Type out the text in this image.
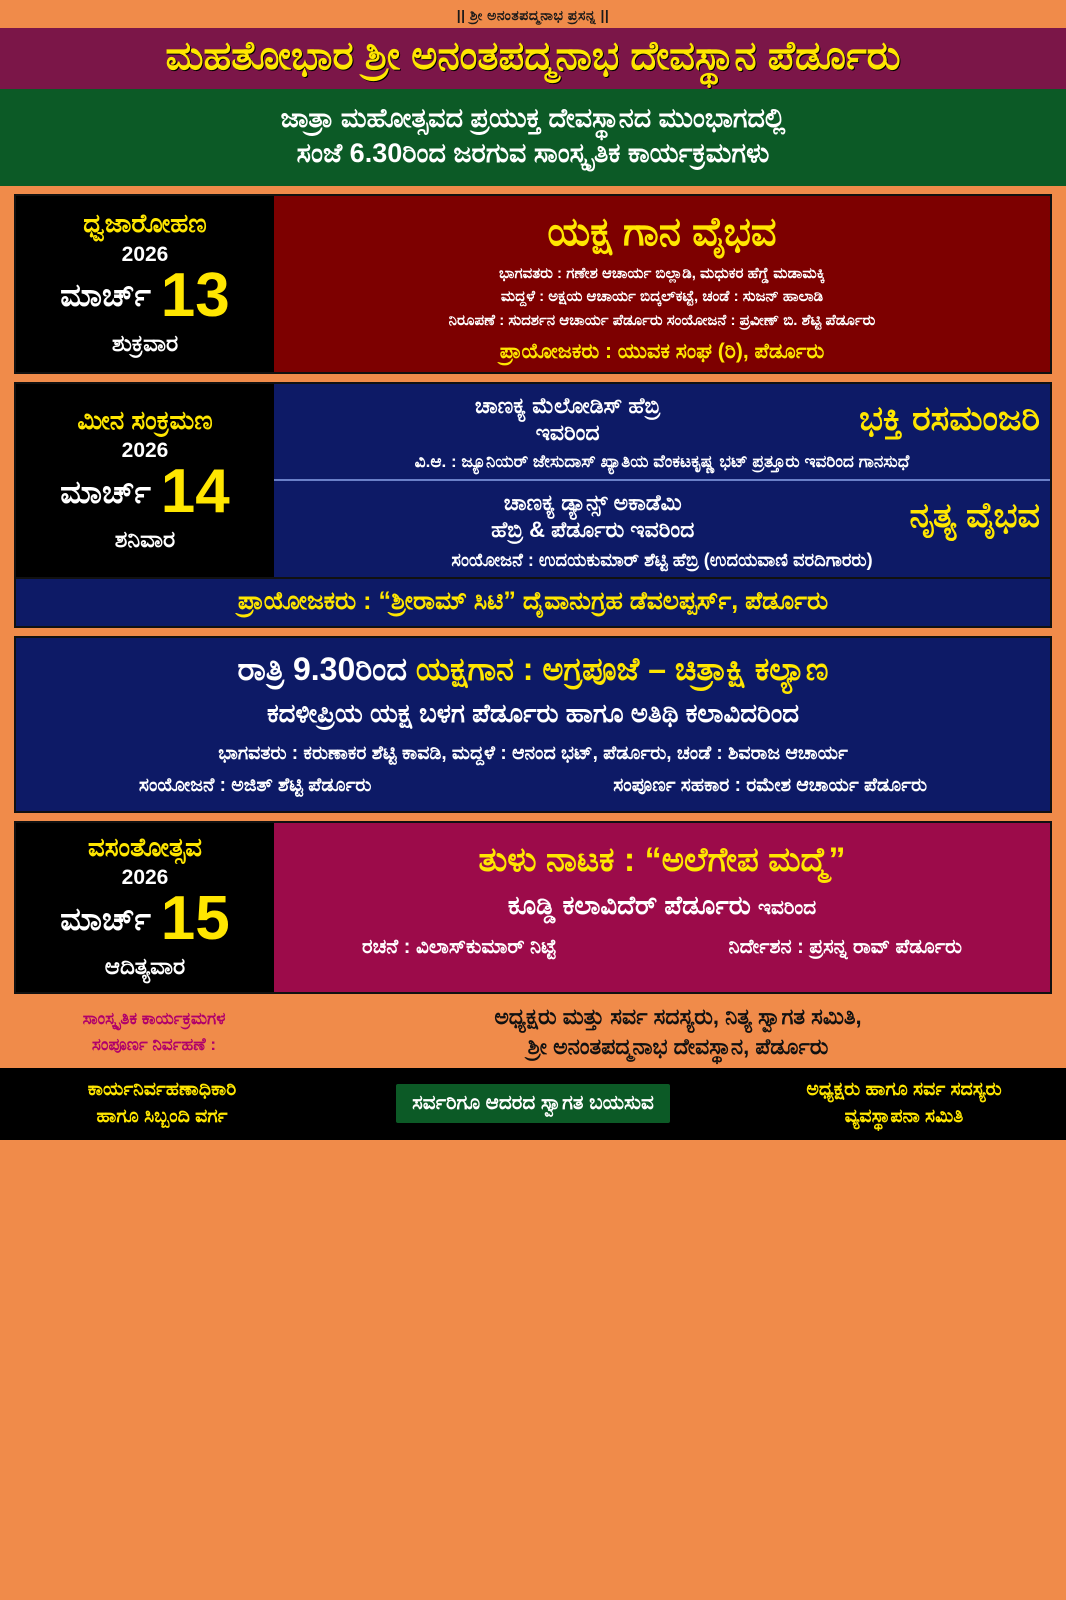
|| ಶ್ರೀ ಅನಂತಪದ್ಮನಾಭ ಪ್ರಸನ್ನ ||
ಮಹತೋಭಾರ ಶ್ರೀ ಅನಂತಪದ್ಮನಾಭ ದೇವಸ್ಥಾನ ಪೆರ್ಡೂರು
ಜಾತ್ರಾ ಮಹೋತ್ಸವದ ಪ್ರಯುಕ್ತ ದೇವಸ್ಥಾನದ ಮುಂಭಾಗದಲ್ಲಿ
ಸಂಜೆ 6.30ರಿಂದ ಜರಗುವ ಸಾಂಸ್ಕೃತಿಕ ಕಾರ್ಯಕ್ರಮಗಳು
ಧ್ವಜಾರೋಹಣ
2026
ಮಾರ್ಚ್ 13
ಶುಕ್ರವಾರ
ಯಕ್ಷ ಗಾನ ವೈಭವ
ಭಾಗವತರು : ಗಣೇಶ ಆಚಾರ್ಯ ಬಿಲ್ಲಾಡಿ, ಮಧುಕರ ಹೆಗ್ಡೆ ಮಡಾಮಕ್ಕಿ
ಮದ್ದಳೆ : ಅಕ್ಷಯ ಆಚಾರ್ಯ ಬಿದ್ಕಲ್‌ಕಟ್ಟೆ, ಚಂಡೆ : ಸುಜನ್ ಹಾಲಾಡಿ
ನಿರೂಪಣೆ : ಸುದರ್ಶನ ಆಚಾರ್ಯ ಪೆರ್ಡೂರು ಸಂಯೋಜನೆ : ಪ್ರವೀಣ್ ಬಿ. ಶೆಟ್ಟಿ ಪೆರ್ಡೂರು
ಪ್ರಾಯೋಜಕರು : ಯುವಕ ಸಂಘ (ರಿ), ಪೆರ್ಡೂರು
ಮೀನ ಸಂಕ್ರಮಣ
2026
ಮಾರ್ಚ್ 14
ಶನಿವಾರ
ಚಾಣಕ್ಯ ಮೆಲೋಡಿಸ್ ಹೆಬ್ರಿ
ಇವರಿಂದ	ಭಕ್ತಿ ರಸಮಂಜರಿ
ವಿ.ಆ. : ಜ್ಯೂನಿಯರ್ ಜೇಸುದಾಸ್ ಖ್ಯಾತಿಯ ವೆಂಕಟಕೃಷ್ಣ ಭಟ್ ಪ್ರತ್ತೂರು ಇವರಿಂದ ಗಾನಸುಧೆ
ಚಾಣಕ್ಯ ಡ್ಯಾನ್ಸ್ ಅಕಾಡೆಮಿ
ಹೆಬ್ರಿ & ಪೆರ್ಡೂರು ಇವರಿಂದ	ನೃತ್ಯ ವೈಭವ
ಸಂಯೋಜನೆ : ಉದಯಕುಮಾರ್ ಶೆಟ್ಟಿ ಹೆಬ್ರಿ (ಉದಯವಾಣಿ ವರದಿಗಾರರು)
ಪ್ರಾಯೋಜಕರು : “ಶ್ರೀರಾಮ್ ಸಿಟಿ” ದೈವಾನುಗ್ರಹ ಡೆವಲಪ್ಪರ್ಸ್, ಪೆರ್ಡೂರು
ರಾತ್ರಿ 9.30ರಿಂದ ಯಕ್ಷಗಾನ : ಅಗ್ರಪೂಜೆ – ಚಿತ್ರಾಕ್ಷಿ ಕಲ್ಯಾಣ
ಕದಳೀಪ್ರಿಯ ಯಕ್ಷ ಬಳಗ ಪೆರ್ಡೂರು ಹಾಗೂ ಅತಿಥಿ ಕಲಾವಿದರಿಂದ
ಭಾಗವತರು : ಕರುಣಾಕರ ಶೆಟ್ಟಿ ಕಾವಡಿ, ಮದ್ದಳೆ : ಆನಂದ ಭಟ್, ಪೆರ್ಡೂರು, ಚಂಡೆ : ಶಿವರಾಜ ಆಚಾರ್ಯ
ಸಂಯೋಜನೆ : ಅಜಿತ್ ಶೆಟ್ಟಿ ಪೆರ್ಡೂರು	ಸಂಪೂರ್ಣ ಸಹಕಾರ : ರಮೇಶ ಆಚಾರ್ಯ ಪೆರ್ಡೂರು
ವಸಂತೋತ್ಸವ
2026
ಮಾರ್ಚ್ 15
ಆದಿತ್ಯವಾರ
ತುಳು ನಾಟಕ : “ಅಲೆಗೇಪ ಮದ್ಮೆ”
ಕೂಡ್ಡಿ ಕಲಾವಿದೆರ್ ಪೆರ್ಡೂರು ಇವರಿಂದ
ರಚನೆ : ವಿಲಾಸ್‌ಕುಮಾರ್ ನಿಟ್ಟೆ	ನಿರ್ದೇಶನ : ಪ್ರಸನ್ನ ರಾವ್ ಪೆರ್ಡೂರು
ಸಾಂಸ್ಕೃತಿಕ ಕಾರ್ಯಕ್ರಮಗಳ
ಸಂಪೂರ್ಣ ನಿರ್ವಹಣೆ :
ಅಧ್ಯಕ್ಷರು ಮತ್ತು ಸರ್ವ ಸದಸ್ಯರು, ನಿತ್ಯ ಸ್ವಾಗತ ಸಮಿತಿ,
ಶ್ರೀ ಅನಂತಪದ್ಮನಾಭ ದೇವಸ್ಥಾನ, ಪೆರ್ಡೂರು
ಕಾರ್ಯನಿರ್ವಹಣಾಧಿಕಾರಿ
ಹಾಗೂ ಸಿಬ್ಬಂದಿ ವರ್ಗ
ಸರ್ವರಿಗೂ ಆದರದ ಸ್ವಾಗತ ಬಯಸುವ
ಅಧ್ಯಕ್ಷರು ಹಾಗೂ ಸರ್ವ ಸದಸ್ಯರು
ವ್ಯವಸ್ಥಾಪನಾ ಸಮಿತಿ
